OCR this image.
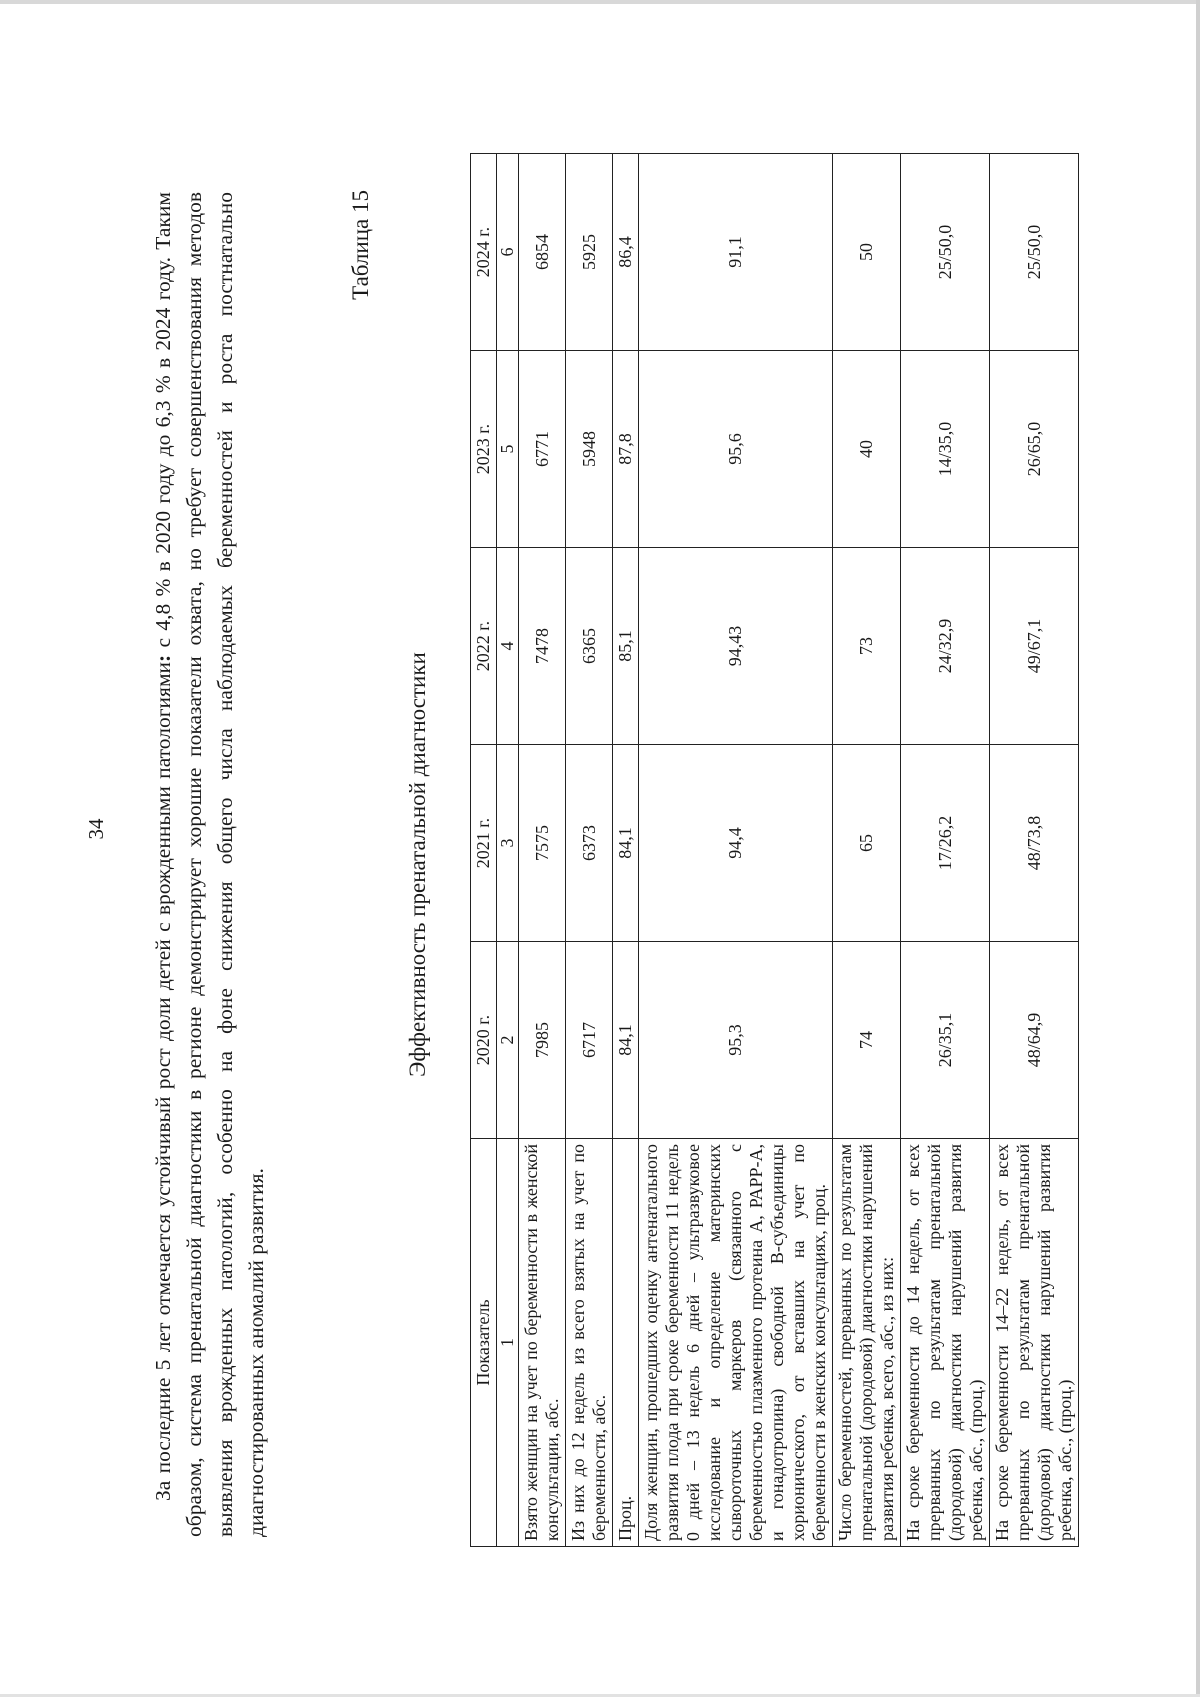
34 За последние 5 лет отмечается устойчивый рост доли детей с врожденными патологиями: с 4,8 % в 2020 году до 6,3 % в 2024 году. Таким образом, система пренатальной диагностики в регионе демонстрирует хорошие показатели охвата, но требует совершенствования методов выявления врожденных патологий, особенно на фоне снижения общего числа наблюдаемых беременностей и роста постнатально диагностированных аномалий развития.

Таблица 15
Эффективность пренатальной диагностики
Показатель	2020 г.	2021 г.	2022 г.	2023 г.	2024 г.
1	2	3	4	5	6
Взято женщин на учет по беременности в женской консультации, абс.	7985	7575	7478	6771	6854
Из них до 12 недель из всего взятых на учет по беременности, абс.	6717	6373	6365	5948	5925
Проц.	84,1	84,1	85,1	87,8	86,4
Доля женщин, прошедших оценку антенатального развития плода при сроке беременности 11 недель 0 дней – 13 недель 6 дней – ультразвуковое исследование и определение материнских сывороточных маркеров (связанного с беременностью плазменного протеина А, РАРР-А, и гонадотропина) свободной В-субъединицы хорионического, от вставших на учет по беременности в женских консультациях, проц.	95,3	94,4	94,43	95,6	91,1
Число беременностей, прерванных по результатам пренатальной (дородовой) диагностики нарушений развития ребенка, всего, абс., из них:	74	65	73	40	50
На сроке беременности до 14 недель, от всех прерванных по результатам пренатальной (дородовой) диагностики нарушений развития ребенка, абс., (проц.)	26/35,1	17/26,2	24/32,9	14/35,0	25/50,0
На сроке беременности 14–22 недель, от всех прерванных по результатам пренатальной (дородовой) диагностики нарушений развития ребенка, абс., (проц.)	48/64,9	48/73,8	49/67,1	26/65,0	25/50,0
